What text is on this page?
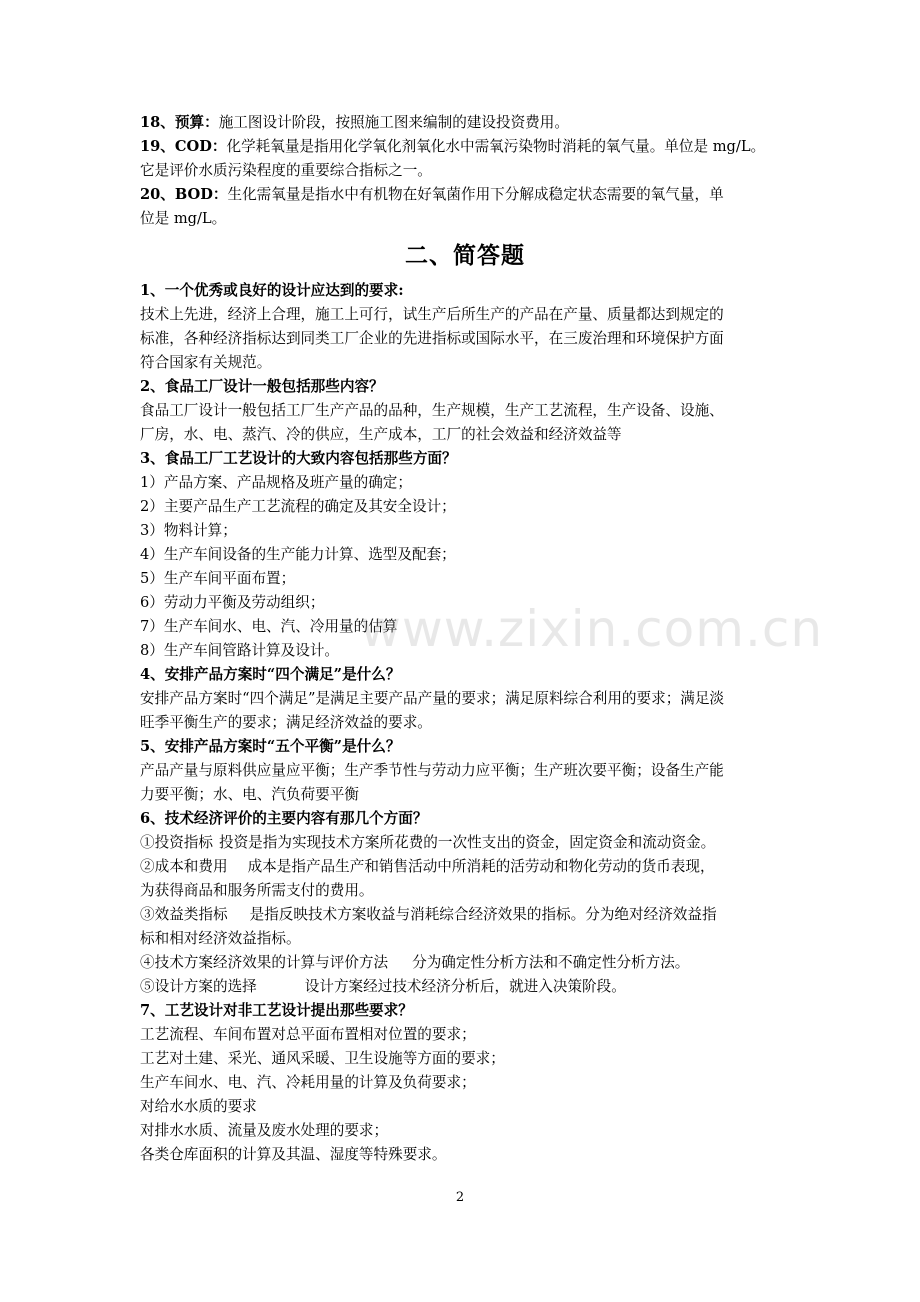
18、预算：施工图设计阶段，按照施工图来编制的建设投资费用。

19、COD：化学耗氧量是指用化学氧化剂氧化水中需氧污染物时消耗的氧气量。单位是 mg/L。

它是评价水质污染程度的重要综合指标之一。

20、BOD：生化需氧量是指水中有机物在好氧菌作用下分解成稳定状态需要的氧气量，单

位是 mg/L。

二、简答题

1、一个优秀或良好的设计应达到的要求:

技术上先进，经济上合理，施工上可行，试生产后所生产的产品在产量、质量都达到规定的

标准，各种经济指标达到同类工厂企业的先进指标或国际水平，在三废治理和环境保护方面

符合国家有关规范。

2、食品工厂设计一般包括那些内容？

食品工厂设计一般包括工厂生产产品的品种，生产规模，生产工艺流程，生产设备、设施、

厂房，水、电、蒸汽、冷的供应，生产成本，工厂的社会效益和经济效益等

3、食品工厂工艺设计的大致内容包括那些方面？

1）产品方案、产品规格及班产量的确定；

2）主要产品生产工艺流程的确定及其安全设计；

3）物料计算；

4）生产车间设备的生产能力计算、选型及配套；

5）生产车间平面布置；

6）劳动力平衡及劳动组织；

7）生产车间水、电、汽、冷用量的估算

8）生产车间管路计算及设计。

4、安排产品方案时“四个满足”是什么？

安排产品方案时“四个满足”是满足主要产品产量的要求；满足原料综合利用的要求；满足淡

旺季平衡生产的要求；满足经济效益的要求。

5、安排产品方案时“五个平衡”是什么？

产品产量与原料供应量应平衡；生产季节性与劳动力应平衡；生产班次要平衡；设备生产能

力要平衡；水、电、汽负荷要平衡

6、技术经济评价的主要内容有那几个方面？

①投资指标 投资是指为实现技术方案所花费的一次性支出的资金，固定资金和流动资金。

②成本和费用 成本是指产品生产和销售活动中所消耗的活劳动和物化劳动的货币表现，

为获得商品和服务所需支付的费用。

③效益类指标 是指反映技术方案收益与消耗综合经济效果的指标。分为绝对经济效益指

标和相对经济效益指标。

④技术方案经济效果的计算与评价方法 分为确定性分析方法和不确定性分析方法。

⑤设计方案的选择	设计方案经过技术经济分析后，就进入决策阶段。

7、工艺设计对非工艺设计提出那些要求？

工艺流程、车间布置对总平面布置相对位置的要求；

工艺对土建、采光、通风采暖、卫生设施等方面的要求；

生产车间水、电、汽、冷耗用量的计算及负荷要求；

对给水水质的要求

对排水水质、流量及废水处理的要求；

各类仓库面积的计算及其温、湿度等特殊要求。

www.zixin.com.cn
2
